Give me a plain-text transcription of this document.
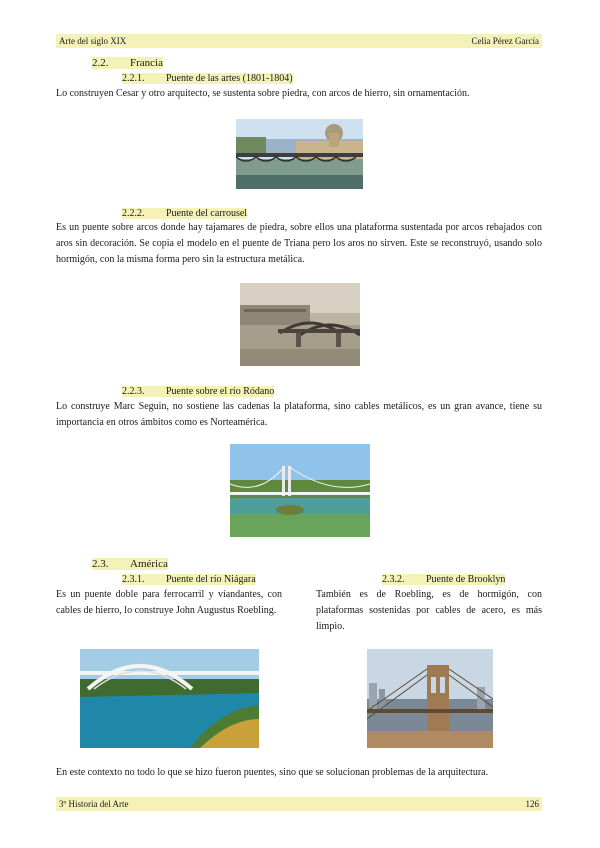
Arte del siglo XIX	Celia Pérez García
2.2. Francia
2.2.1. Puente de las artes (1801-1804)
Lo construyen Cesar y otro arquitecto, se sustenta sobre piedra, con arcos de hierro, sin ornamentación.
2.2.2. Puente del carrousel
Es un puente sobre arcos donde hay tajamares de piedra, sobre ellos una plataforma sustentada por arcos rebajados con aros sin decoración. Se copia el modelo en el puente de Triana pero los aros no sirven. Este se reconstruyó, usando solo hormigón, con la misma forma pero sin la estructura metálica.
2.2.3. Puente sobre el río Ródano
Lo construye Marc Seguin, no sostiene las cadenas la plataforma, sino cables metálicos, es un gran avance, tiene su importancia en otros ámbitos como es Norteamérica.
2.3. América
2.3.1. Puente del río Niágara
Es un puente doble para ferrocarril y viandantes, con cables de hierro, lo construye John Augustus Roebling.
2.3.2. Puente de Brooklyn
También es de Roebling, es de hormigón, con plataformas sostenidas por cables de acero, es más limpio.
En este contexto no todo lo que se hizo fueron puentes, sino que se solucionan problemas de la arquitectura.
3º Historia del Arte	126
